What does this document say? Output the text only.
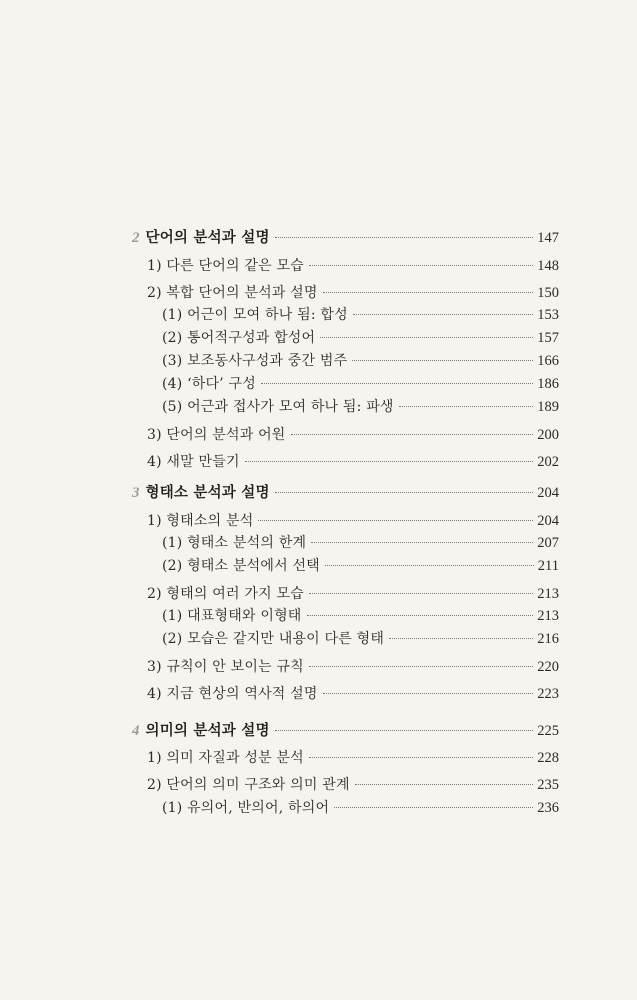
2 단어의 분석과 설명	147
1) 다른 단어의 같은 모습	148
2) 복합 단어의 분석과 설명	150
(1) 어근이 모여 하나 됨: 합성	153
(2) 통어적구성과 합성어	157
(3) 보조동사구성과 중간 범주	166
(4) ‘하다’ 구성	186
(5) 어근과 접사가 모여 하나 됨: 파생	189
3) 단어의 분석과 어원	200
4) 새말 만들기	202
3 형태소 분석과 설명	204
1) 형태소의 분석	204
(1) 형태소 분석의 한계	207
(2) 형태소 분석에서 선택	211
2) 형태의 여러 가지 모습	213
(1) 대표형태와 이형태	213
(2) 모습은 같지만 내용이 다른 형태	216
3) 규칙이 안 보이는 규칙	220
4) 지금 현상의 역사적 설명	223
4 의미의 분석과 설명	225
1) 의미 자질과 성분 분석	228
2) 단어의 의미 구조와 의미 관계	235
(1) 유의어, 반의어, 하의어	236
